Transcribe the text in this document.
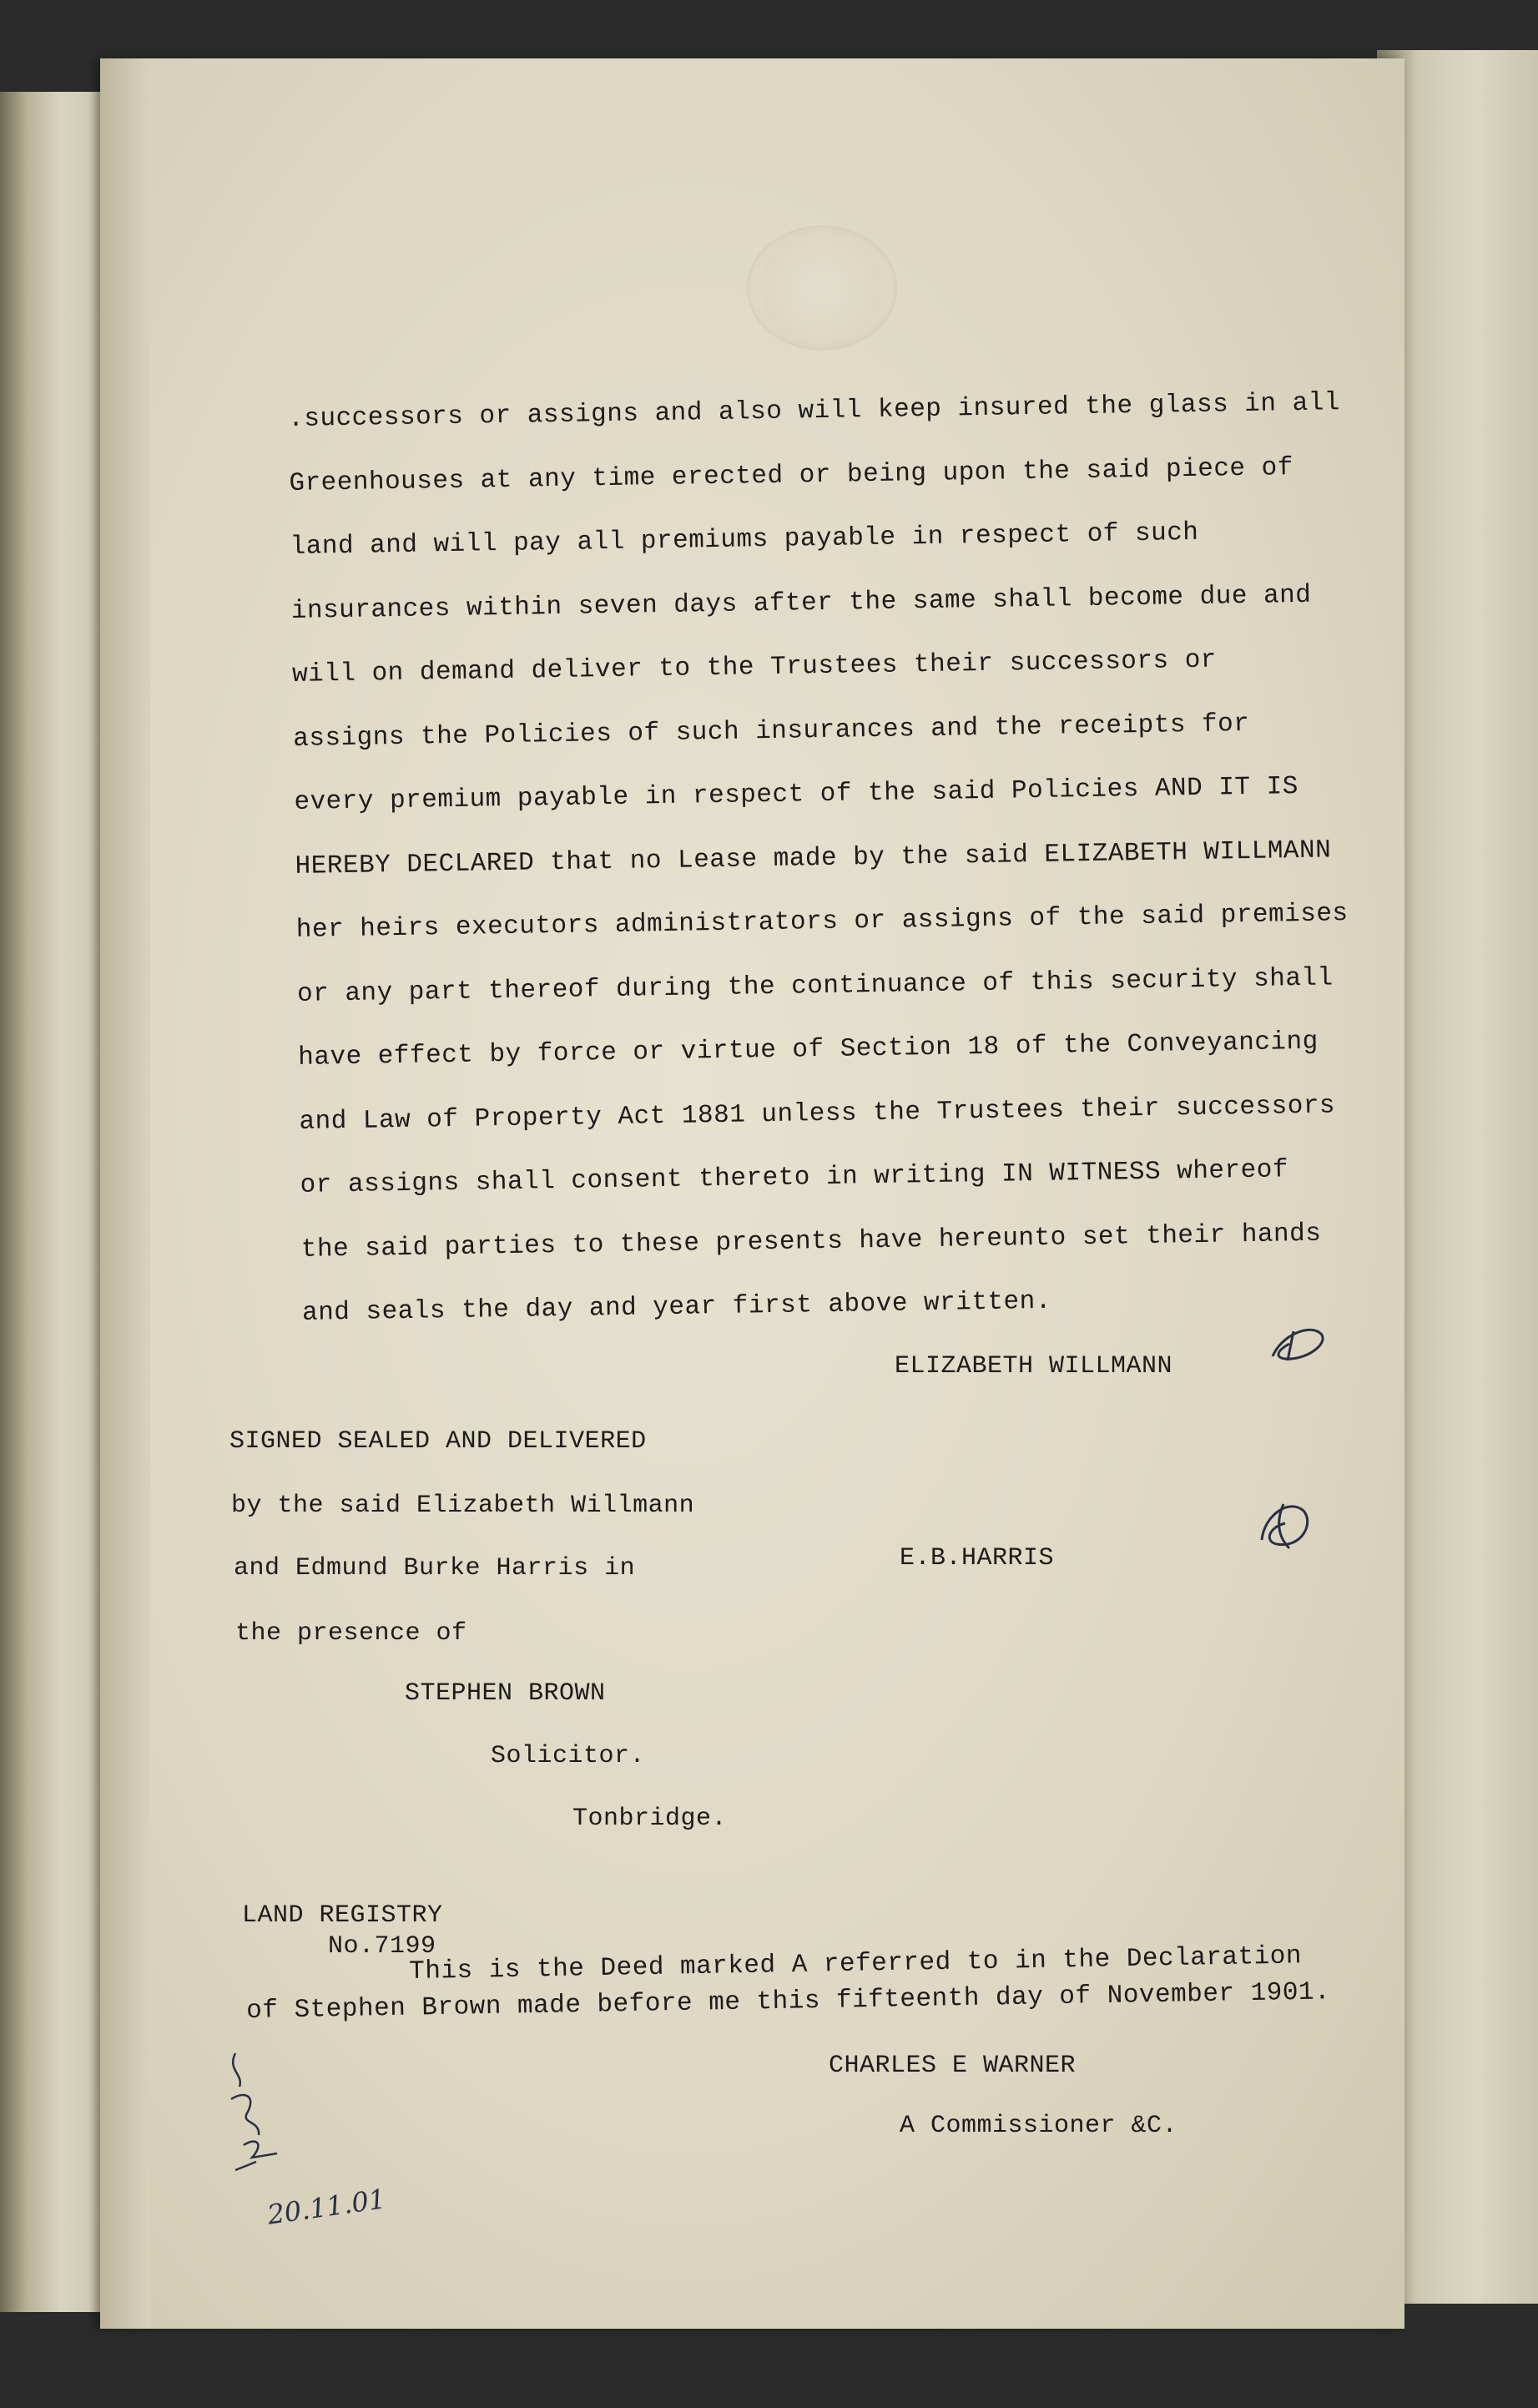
.successors or assigns and also will keep insured the glass in all
Greenhouses at any time erected or being upon the said piece of
land and will pay all premiums payable in respect of such
insurances within seven days after the same shall become due and
will on demand deliver to the Trustees their successors or
assigns the Policies of such insurances and the receipts for
every premium payable in respect of the said Policies AND IT IS
HEREBY DECLARED that no Lease made by the said ELIZABETH WILLMANN
her heirs executors administrators or assigns of the said premises
or any part thereof during the continuance of this security shall
have effect by force or virtue of Section 18 of the Conveyancing
and Law of Property Act 1881 unless the Trustees their successors
or assigns shall consent thereto in writing IN WITNESS whereof
the said parties to these presents have hereunto set their hands
and seals the day and year first above written.
ELIZABETH WILLMANN
SIGNED SEALED AND DELIVERED
by the said Elizabeth Willmann
and Edmund Burke Harris in
the presence of
E.B.HARRIS
STEPHEN BROWN
Solicitor.
Tonbridge.
LAND REGISTRY
No.7199
This is the Deed marked A referred to in the Declaration
of Stephen Brown made before me this fifteenth day of November 1901.
CHARLES E WARNER
A Commissioner &C.
20.11.01
